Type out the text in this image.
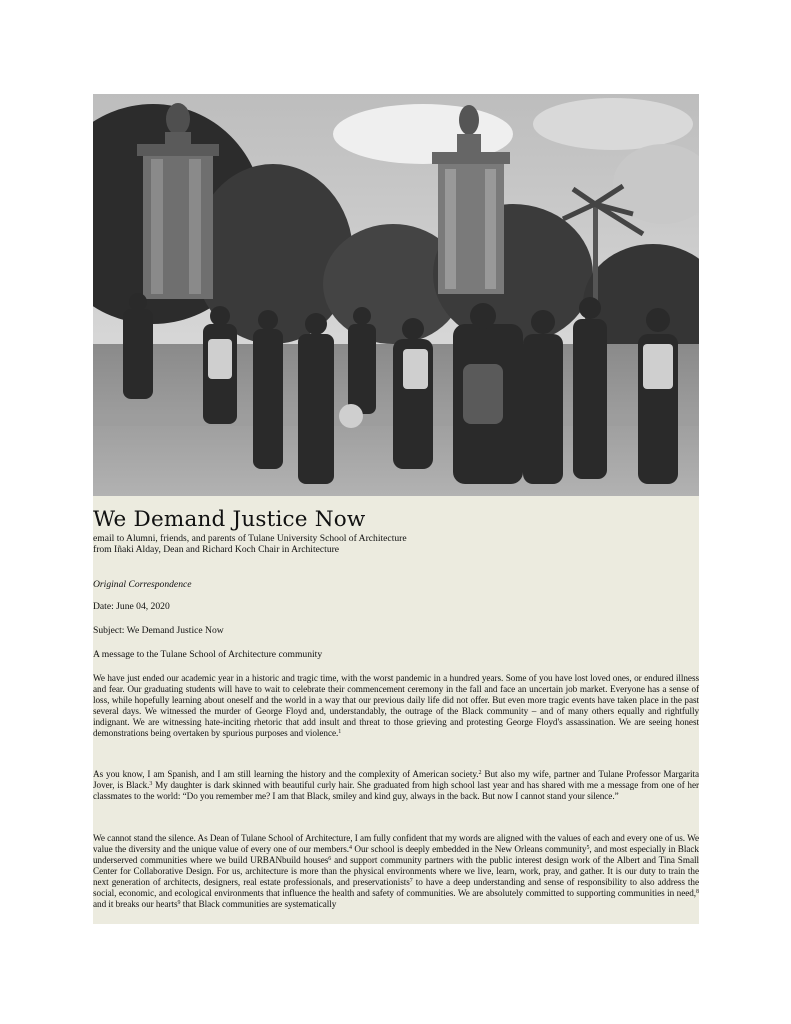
We Demand Justice Now
email to Alumni, friends, and parents of Tulane University School of Architecture
from Iñaki Alday, Dean and Richard Koch Chair in Architecture
Original Correspondence
Date: June 04, 2020
Subject: We Demand Justice Now
A message to the Tulane School of Architecture community
We have just ended our academic year in a historic and tragic time, with the worst pandemic in a hundred years. Some of you have lost loved ones, or endured illness and fear. Our graduating students will have to wait to celebrate their commencement ceremony in the fall and face an uncertain job market. Everyone has a sense of loss, while hopefully learning about oneself and the world in a way that our previous daily life did not offer. But even more tragic events have taken place in the past several days. We witnessed the murder of George Floyd and, understandably, the outrage of the Black community – and of many others equally and rightfully indignant. We are witnessing hate-inciting rhetoric that add insult and threat to those grieving and protesting George Floyd's assassination. We are seeing honest demonstrations being overtaken by spurious purposes and violence.$^1$
As you know, I am Spanish, and I am still learning the history and the complexity of American society.$^2$ But also my wife, partner and Tulane Professor Margarita Jover, is Black.$^3$ My daughter is dark skinned with beautiful curly hair. She graduated from high school last year and has shared with me a message from one of her classmates to the world: “Do you remember me? I am that Black, smiley and kind guy, always in the back. But now I cannot stand your silence.”
We cannot stand the silence. As Dean of Tulane School of Architecture, I am fully confident that my words are aligned with the values of each and every one of us. We value the diversity and the unique value of every one of our members.$^4$ Our school is deeply embedded in the New Orleans community$^5$, and most especially in Black underserved communities where we build URBANbuild houses$^6$ and support community partners with the public interest design work of the Albert and Tina Small Center for Collaborative Design. For us, architecture is more than the physical environments where we live, learn, work, pray, and gather. It is our duty to train the next generation of architects, designers, real estate professionals, and preservationists$^7$ to have a deep understanding and sense of responsibility to also address the social, economic, and ecological environments that influence the health and safety of communities. We are absolutely committed to supporting communities in need,$^8$ and it breaks our hearts$^9$ that Black communities are systematically
